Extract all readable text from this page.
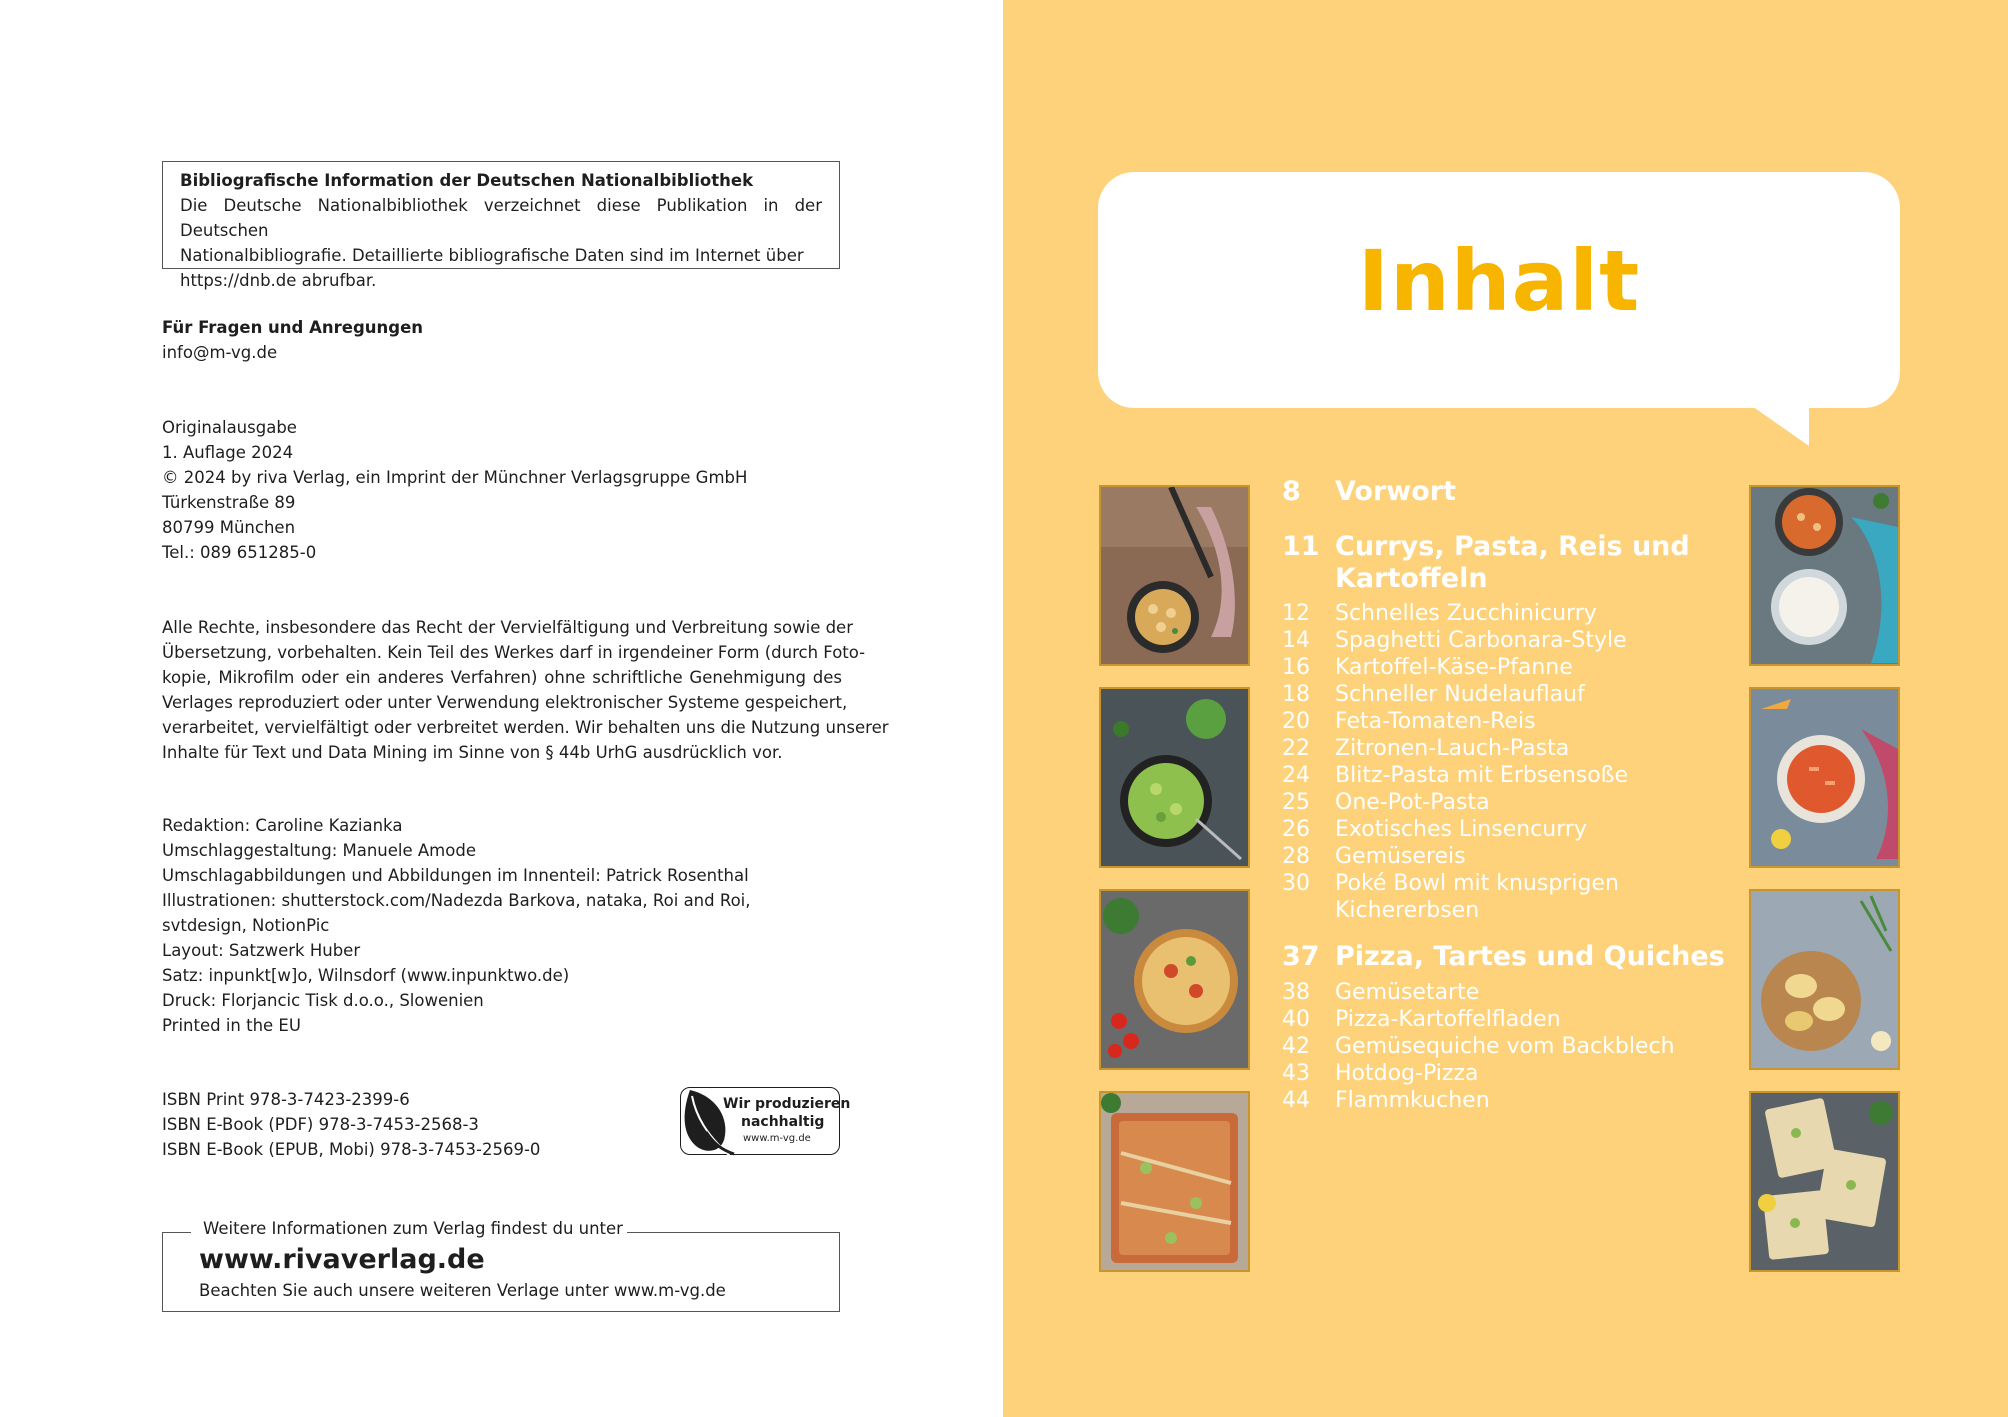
Bibliografische Information der Deutschen Nationalbibliothek
Die Deutsche Nationalbibliothek verzeichnet diese Publikation in der Deutschen
Nationalbibliografie. Detaillierte bibliografische Daten sind im Internet über
https://dnb.de abrufbar.
Für Fragen und Anregungen
info@m-vg.de
Originalausgabe
1. Auflage 2024
© 2024 by riva Verlag, ein Imprint der Münchner Verlagsgruppe GmbH
Türkenstraße 89
80799 München
Tel.: 089 651285-0
Alle Rechte, insbesondere das Recht der Vervielfältigung und Verbreitung sowie der
Übersetzung, vorbehalten. Kein Teil des Werkes darf in irgendeiner Form (durch Foto-
kopie, Mikrofilm oder ein anderes Verfahren) ohne schriftliche Genehmigung des
Verlages reproduziert oder unter Verwendung elektronischer Systeme gespeichert,
verarbeitet, vervielfältigt oder verbreitet werden. Wir behalten uns die Nutzung unserer
Inhalte für Text und Data Mining im Sinne von § 44b UrhG ausdrücklich vor.
Redaktion: Caroline Kazianka
Umschlaggestaltung: Manuele Amode
Umschlagabbildungen und Abbildungen im Innenteil: Patrick Rosenthal
Illustrationen: shutterstock.com/Nadezda Barkova, nataka, Roi and Roi,
svtdesign, NotionPic
Layout: Satzwerk Huber
Satz: inpunkt[w]o, Wilnsdorf (www.inpunktwo.de)
Druck: Florjancic Tisk d.o.o., Slowenien
Printed in the EU
ISBN Print 978-3-7423-2399-6
ISBN E-Book (PDF) 978-3-7453-2568-3
ISBN E-Book (EPUB, Mobi) 978-3-7453-2569-0
Wir produzieren
nachhaltig
www.m-vg.de
Weitere Informationen zum Verlag findest du unter
www.rivaverlag.de
Beachten Sie auch unsere weiteren Verlage unter www.m-vg.de
Inhalt
8 Vorwort
11 Currys, Pasta, Reis und
Kartoffeln
12 Schnelles Zucchinicurry
14 Spaghetti Carbonara-Style
16 Kartoffel-Käse-Pfanne
18 Schneller Nudelauflauf
20 Feta-Tomaten-Reis
22 Zitronen-Lauch-Pasta
24 Blitz-Pasta mit Erbsensoße
25 One-Pot-Pasta
26 Exotisches Linsencurry
28 Gemüsereis
30 Poké Bowl mit knusprigen
Kichererbsen
37 Pizza, Tartes und Quiches
38 Gemüsetarte
40 Pizza-Kartoffelfladen
42 Gemüsequiche vom Backblech
43 Hotdog-Pizza
44 Flammkuchen
